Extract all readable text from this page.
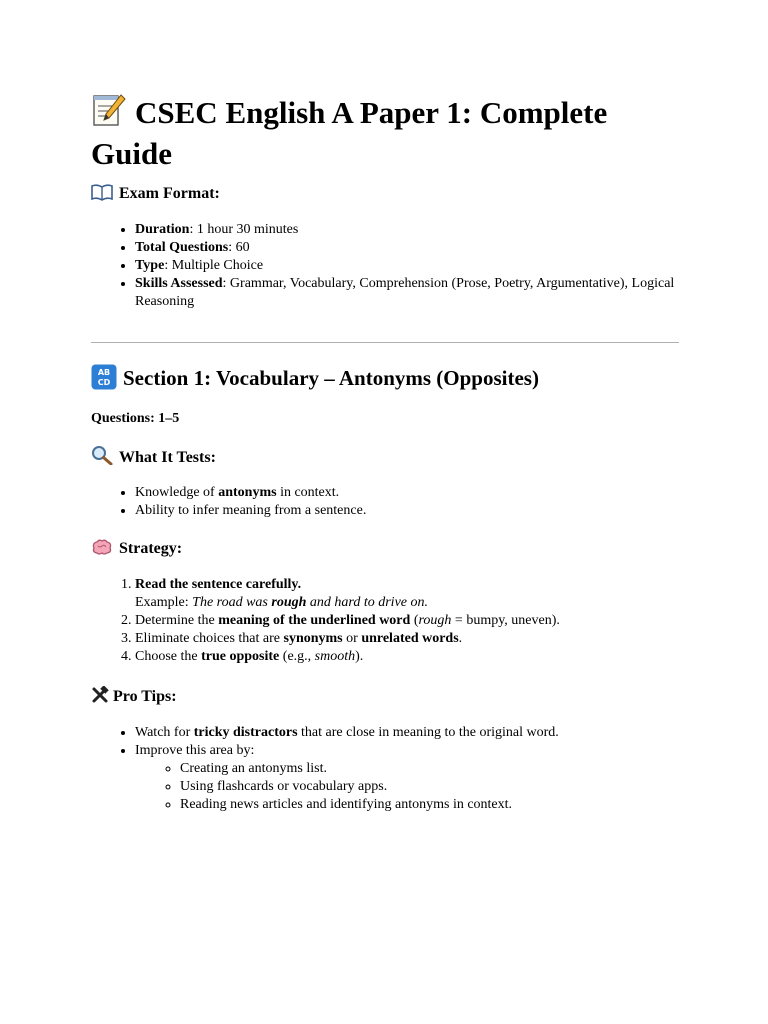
CSEC English A Paper 1: Complete Guide
Exam Format:
• Duration: 1 hour 30 minutes
• Total Questions: 60
• Type: Multiple Choice
• Skills Assessed: Grammar, Vocabulary, Comprehension (Prose, Poetry, Argumentative), Logical Reasoning
AB
CD Section 1: Vocabulary – Antonyms (Opposites)
Questions: 1–5
What It Tests:
• Knowledge of antonyms in context.
• Ability to infer meaning from a sentence.
Strategy:
1. Read the sentence carefully.
Example: The road was rough and hard to drive on.
2. Determine the meaning of the underlined word (rough = bumpy, uneven).
3. Eliminate choices that are synonyms or unrelated words.
4. Choose the true opposite (e.g., smooth).
Pro Tips:
• Watch for tricky distractors that are close in meaning to the original word.
• Improve this area by:
◦ Creating an antonyms list.
◦ Using flashcards or vocabulary apps.
◦ Reading news articles and identifying antonyms in context.
